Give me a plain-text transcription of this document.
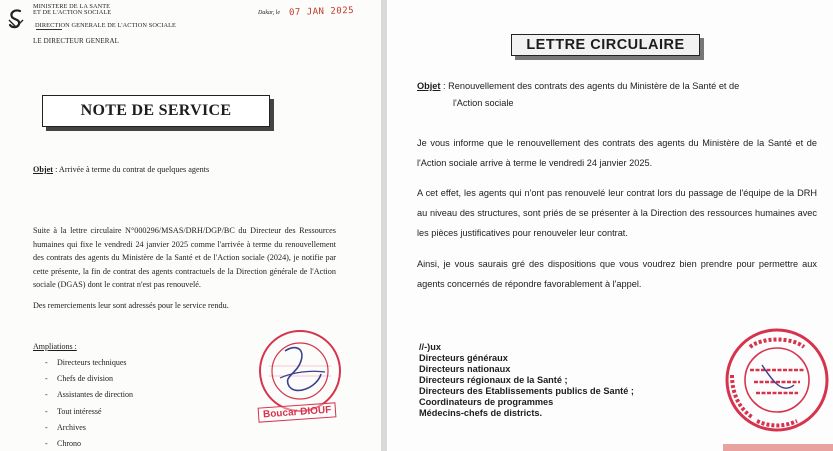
MINISTERE DE LA SANTE
ET DE L'ACTION SOCIALE
DIRECTION GENERALE DE L'ACTION SOCIALE
LE DIRECTEUR GENERAL
Dakar, le 07 JAN 2025
NOTE DE SERVICE
Objet : Arrivée à terme du contrat de quelques agents
Suite à la lettre circulaire N°000296/MSAS/DRH/DGP/BC du Directeur des Ressources humaines qui fixe le vendredi 24 janvier 2025 comme l'arrivée à terme du renouvellement des contrats des agents du Ministère de la Santé et de l'Action sociale (2024), je notifie par cette présente, la fin de contrat des agents contractuels de la Direction générale de l'Action sociale (DGAS) dont le contrat n'est pas renouvelé.
Des remerciements leur sont adressés pour le service rendu.
Ampliations :
- Directeurs techniques
- Chefs de division
- Assistantes de direction
- Tout intéressé
- Archives
- Chrono
Boucar DIOUF
LETTRE CIRCULAIRE
Objet : Renouvellement des contrats des agents du Ministère de la Santé et de
l'Action sociale
Je vous informe que le renouvellement des contrats des agents du Ministère de la Santé et de l'Action sociale arrive à terme le vendredi 24 janvier 2025.
A cet effet, les agents qui n'ont pas renouvelé leur contrat lors du passage de l'équipe de la DRH au niveau des structures, sont priés de se présenter à la Direction des ressources humaines avec les pièces justificatives pour renouveler leur contrat.
Ainsi, je vous saurais gré des dispositions que vous voudrez bien prendre pour permettre aux agents concernés de répondre favorablement à l'appel.
//-)ux
Directeurs généraux
Directeurs nationaux
Directeurs régionaux de la Santé ;
Directeurs des Etablissements publics de Santé ;
Coordinateurs de programmes
Médecins-chefs de districts.
